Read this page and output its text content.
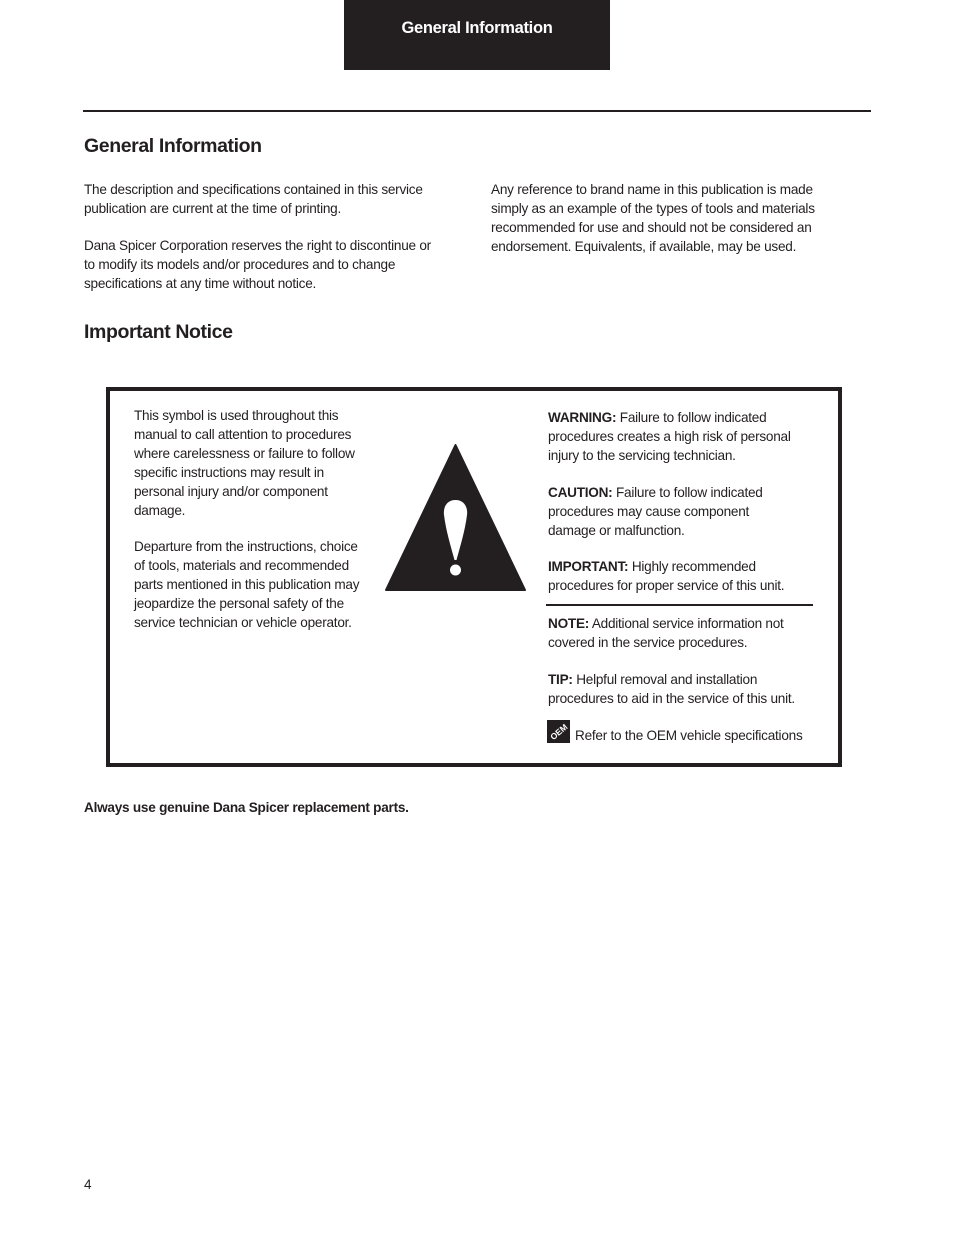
General Information
General Information

The description and specifications contained in this service publication are current at the time of printing.

Dana Spicer Corporation reserves the right to discontinue or to modify its models and/or procedures and to change specifications at any time without notice.

Any reference to brand name in this publication is made simply as an example of the types of tools and materials recommended for use and should not be considered an endorsement. Equivalents, if available, may be used.

Important Notice

This symbol is used throughout this manual to call attention to procedures where carelessness or failure to follow specific instructions may result in personal injury and/or component damage.

Departure from the instructions, choice of tools, materials and recommended parts mentioned in this publication may jeopardize the personal safety of the service technician or vehicle operator.

WARNING: Failure to follow indicated procedures creates a high risk of personal injury to the servicing technician.

CAUTION: Failure to follow indicated procedures may cause component damage or malfunction.

IMPORTANT: Highly recommended procedures for proper service of this unit.

NOTE: Additional service information not covered in the service procedures.

TIP: Helpful removal and installation procedures to aid in the service of this unit.

OEM Refer to the OEM vehicle specifications

Always use genuine Dana Spicer replacement parts.
4
